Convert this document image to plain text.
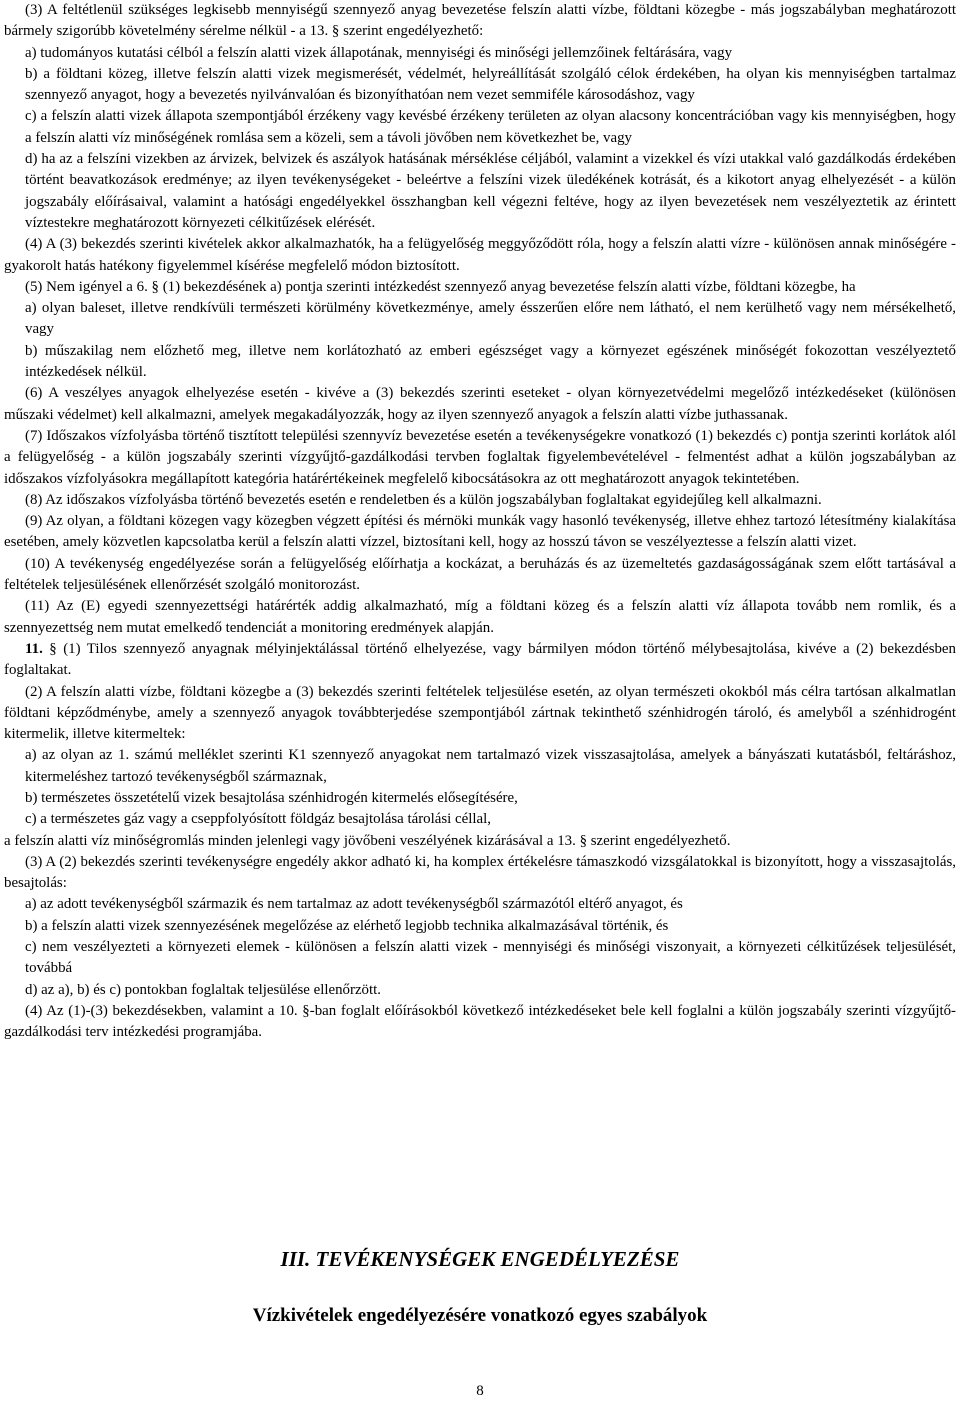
(3) A feltétlenül szükséges legkisebb mennyiségű szennyező anyag bevezetése felszín alatti vízbe, földtani közegbe - más jogszabályban meghatározott bármely szigorúbb követelmény sérelme nélkül - a 13. § szerint engedélyezhető:

a) tudományos kutatási célból a felszín alatti vizek állapotának, mennyiségi és minőségi jellemzőinek feltárására, vagy

b) a földtani közeg, illetve felszín alatti vizek megismerését, védelmét, helyreállítását szolgáló célok érdekében, ha olyan kis mennyiségben tartalmaz szennyező anyagot, hogy a bevezetés nyilvánvalóan és bizonyíthatóan nem vezet semmiféle károsodáshoz, vagy

c) a felszín alatti vizek állapota szempontjából érzékeny vagy kevésbé érzékeny területen az olyan alacsony koncentrációban vagy kis mennyiségben, hogy a felszín alatti víz minőségének romlása sem a közeli, sem a távoli jövőben nem következhet be, vagy

d) ha az a felszíni vizekben az árvizek, belvizek és aszályok hatásának mérséklése céljából, valamint a vizekkel és vízi utakkal való gazdálkodás érdekében történt beavatkozások eredménye; az ilyen tevékenységeket - beleértve a felszíni vizek üledékének kotrását, és a kikotort anyag elhelyezését - a külön jogszabály előírásaival, valamint a hatósági engedélyekkel összhangban kell végezni feltéve, hogy az ilyen bevezetések nem veszélyeztetik az érintett víztestekre meghatározott környezeti célkitűzések elérését.

(4) A (3) bekezdés szerinti kivételek akkor alkalmazhatók, ha a felügyelőség meggyőződött róla, hogy a felszín alatti vízre - különösen annak minőségére - gyakorolt hatás hatékony figyelemmel kísérése megfelelő módon biztosított.

(5) Nem igényel a 6. § (1) bekezdésének a) pontja szerinti intézkedést szennyező anyag bevezetése felszín alatti vízbe, földtani közegbe, ha

a) olyan baleset, illetve rendkívüli természeti körülmény következménye, amely ésszerűen előre nem látható, el nem kerülhető vagy nem mérsékelhető, vagy

b) műszakilag nem előzhető meg, illetve nem korlátozható az emberi egészséget vagy a környezet egészének minőségét fokozottan veszélyeztető intézkedések nélkül.

(6) A veszélyes anyagok elhelyezése esetén - kivéve a (3) bekezdés szerinti eseteket - olyan környezetvédelmi megelőző intézkedéseket (különösen műszaki védelmet) kell alkalmazni, amelyek megakadályozzák, hogy az ilyen szennyező anyagok a felszín alatti vízbe juthassanak.

(7) Időszakos vízfolyásba történő tisztított települési szennyvíz bevezetése esetén a tevékenységekre vonatkozó (1) bekezdés c) pontja szerinti korlátok alól a felügyelőség - a külön jogszabály szerinti vízgyűjtő-gazdálkodási tervben foglaltak figyelembevételével - felmentést adhat a külön jogszabályban az időszakos vízfolyásokra megállapított kategória határértékeinek megfelelő kibocsátásokra az ott meghatározott anyagok tekintetében.

(8) Az időszakos vízfolyásba történő bevezetés esetén e rendeletben és a külön jogszabályban foglaltakat egyidejűleg kell alkalmazni.

(9) Az olyan, a földtani közegen vagy közegben végzett építési és mérnöki munkák vagy hasonló tevékenység, illetve ehhez tartozó létesítmény kialakítása esetében, amely közvetlen kapcsolatba kerül a felszín alatti vízzel, biztosítani kell, hogy az hosszú távon se veszélyeztesse a felszín alatti vizet.

(10) A tevékenység engedélyezése során a felügyelőség előírhatja a kockázat, a beruházás és az üzemeltetés gazdaságosságának szem előtt tartásával a feltételek teljesülésének ellenőrzését szolgáló monitorozást.

(11) Az (E) egyedi szennyezettségi határérték addig alkalmazható, míg a földtani közeg és a felszín alatti víz állapota tovább nem romlik, és a szennyezettség nem mutat emelkedő tendenciát a monitoring eredmények alapján.

11. § (1) Tilos szennyező anyagnak mélyinjektálással történő elhelyezése, vagy bármilyen módon történő mélybesajtolása, kivéve a (2) bekezdésben foglaltakat.

(2) A felszín alatti vízbe, földtani közegbe a (3) bekezdés szerinti feltételek teljesülése esetén, az olyan természeti okokból más célra tartósan alkalmatlan földtani képződménybe, amely a szennyező anyagok továbbterjedése szempontjából zártnak tekinthető szénhidrogén tároló, és amelyből a szénhidrogént kitermelik, illetve kitermeltek:

a) az olyan az 1. számú melléklet szerinti K1 szennyező anyagokat nem tartalmazó vizek visszasajtolása, amelyek a bányászati kutatásból, feltáráshoz, kitermeléshez tartozó tevékenységből származnak,

b) természetes összetételű vizek besajtolása szénhidrogén kitermelés elősegítésére,

c) a természetes gáz vagy a cseppfolyósított földgáz besajtolása tárolási céllal,

a felszín alatti víz minőségromlás minden jelenlegi vagy jövőbeni veszélyének kizárásával a 13. § szerint engedélyezhető.

(3) A (2) bekezdés szerinti tevékenységre engedély akkor adható ki, ha komplex értékelésre támaszkodó vizsgálatokkal is bizonyított, hogy a visszasajtolás, besajtolás:

a) az adott tevékenységből származik és nem tartalmaz az adott tevékenységből származótól eltérő anyagot, és

b) a felszín alatti vizek szennyezésének megelőzése az elérhető legjobb technika alkalmazásával történik, és

c) nem veszélyezteti a környezeti elemek - különösen a felszín alatti vizek - mennyiségi és minőségi viszonyait, a környezeti célkitűzések teljesülését, továbbá

d) az a), b) és c) pontokban foglaltak teljesülése ellenőrzött.

(4) Az (1)-(3) bekezdésekben, valamint a 10. §-ban foglalt előírásokból következő intézkedéseket bele kell foglalni a külön jogszabály szerinti vízgyűjtő-gazdálkodási terv intézkedési programjába.

III. TEVÉKENYSÉGEK ENGEDÉLYEZÉSE
Vízkivételek engedélyezésére vonatkozó egyes szabályok
8
